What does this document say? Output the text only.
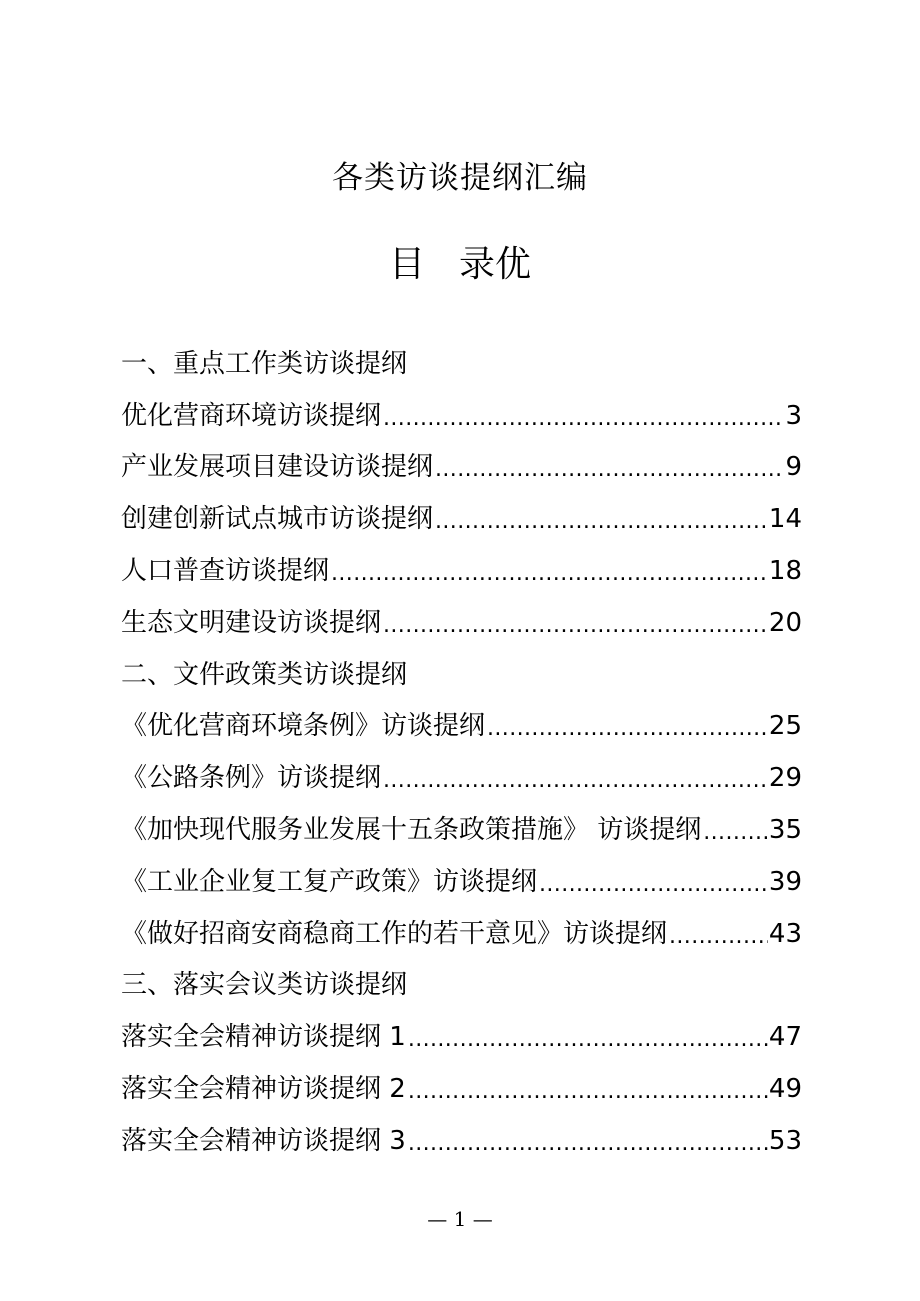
各类访谈提纲汇编
目 录优
一、重点工作类访谈提纲
优化营商环境访谈提纲 .....	3
产业发展项目建设访谈提纲 .....	9
创建创新试点城市访谈提纲 .....	14
人口普查访谈提纲 .....	18
生态文明建设访谈提纲 .....	20
二、文件政策类访谈提纲
《优化营商环境条例》访谈提纲 .....	25
《公路条例》访谈提纲 .....	29
《加快现代服务业发展十五条政策措施》 访谈提纲 .....	35
《工业企业复工复产政策》访谈提纲 .....	39
《做好招商安商稳商工作的若干意见》访谈提纲 .....	43
三、落实会议类访谈提纲
落实全会精神访谈提纲 1 .....	47
落实全会精神访谈提纲 2 .....	49
落实全会精神访谈提纲 3 .....	53
— 1 —
